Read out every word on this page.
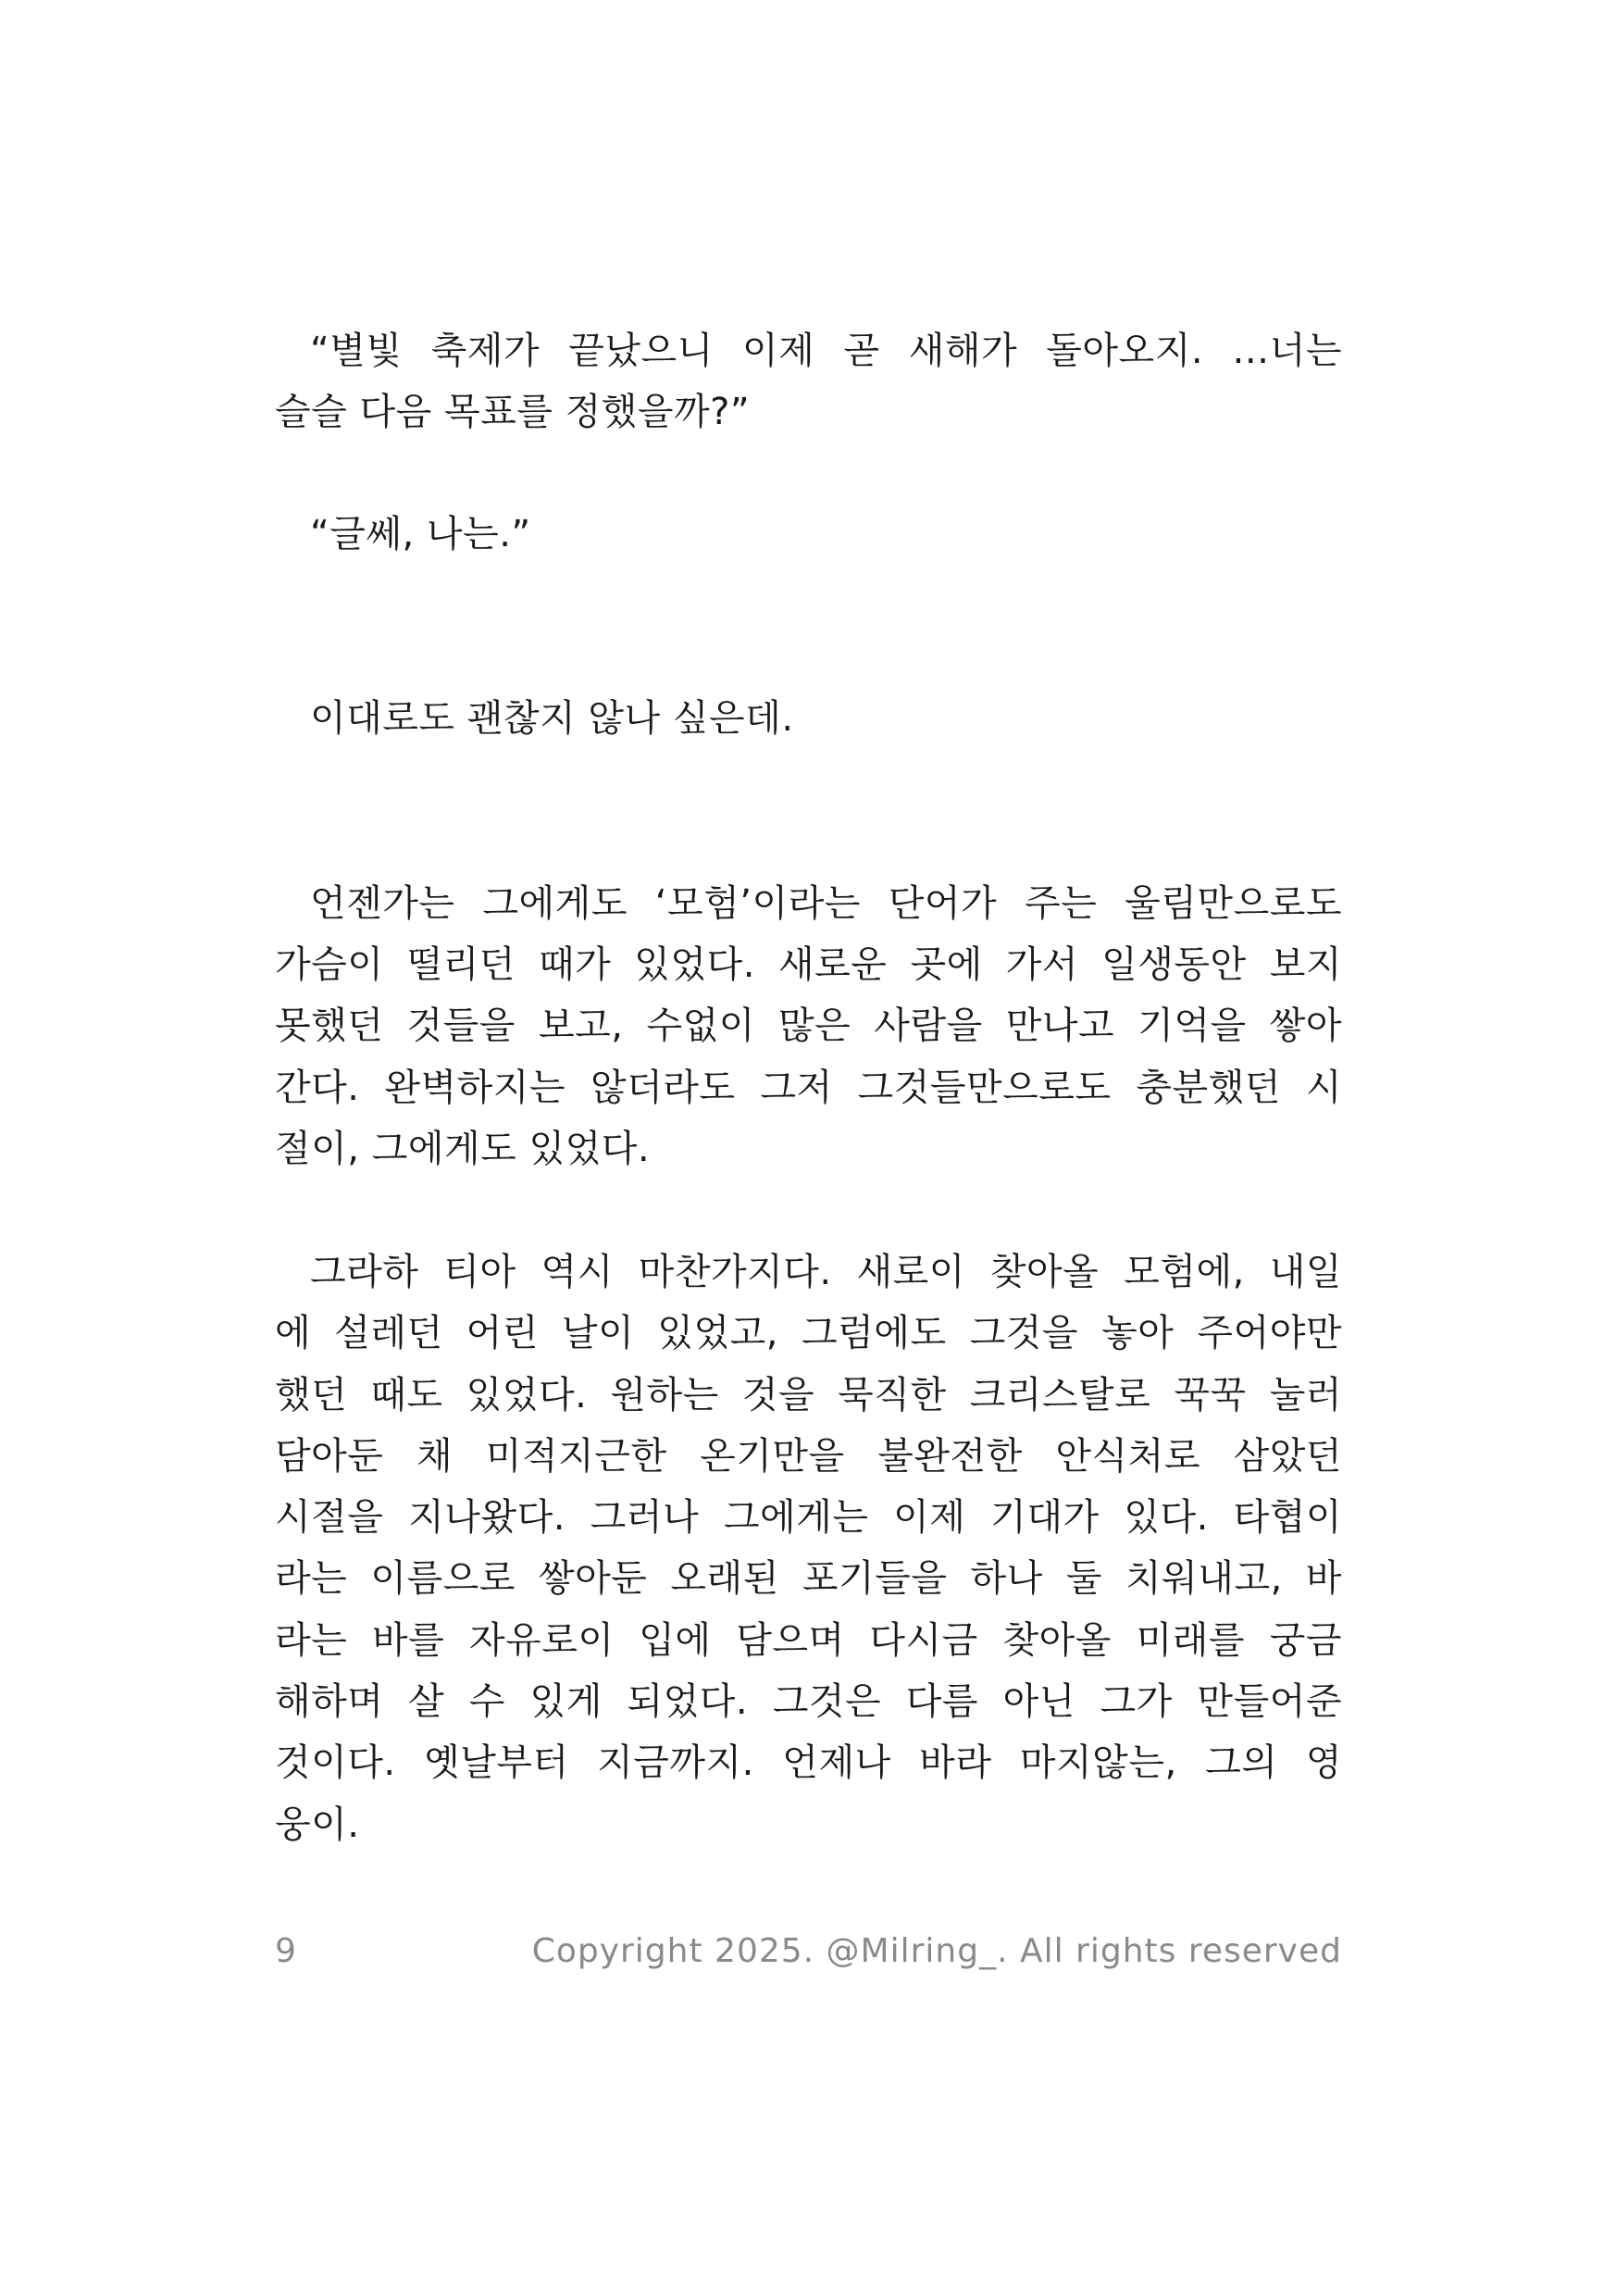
“별빛 축제가 끝났으니 이제 곧 새해가 돌아오지. …너는
슬슬 다음 목표를 정했을까?”
“글쎄, 나는.”
이대로도 괜찮지 않나 싶은데.
언젠가는 그에게도 ‘모험’이라는 단어가 주는 울림만으로도
가슴이 떨리던 때가 있었다. 새로운 곳에 가서 일생동안 보지
못했던 것들을 보고, 수없이 많은 사람을 만나고 기억을 쌓아
간다. 완벽하지는 않더라도 그저 그것들만으로도 충분했던 시
절이, 그에게도 있었다.
그라하 티아 역시 마찬가지다. 새로이 찾아올 모험에, 내일
에 설레던 어린 날이 있었고, 그럼에도 그것을 놓아 주어야만
했던 때도 있었다. 원하는 것을 묵직한 크리스탈로 꾹꾹 눌러
담아둔 채 미적지근한 온기만을 불완전한 안식처로 삼았던
시절을 지나왔다. 그러나 그에게는 이제 기대가 있다. 타협이
라는 이름으로 쌓아둔 오래된 포기들을 하나 둘 치워내고, 바
라는 바를 자유로이 입에 담으며 다시금 찾아올 미래를 궁금
해하며 살 수 있게 되었다. 그것은 다름 아닌 그가 만들어준
것이다. 옛날부터 지금까지. 언제나 바라 마지않는, 그의 영
웅이.
9	Copyright 2025. @Milring_. All rights reserved
